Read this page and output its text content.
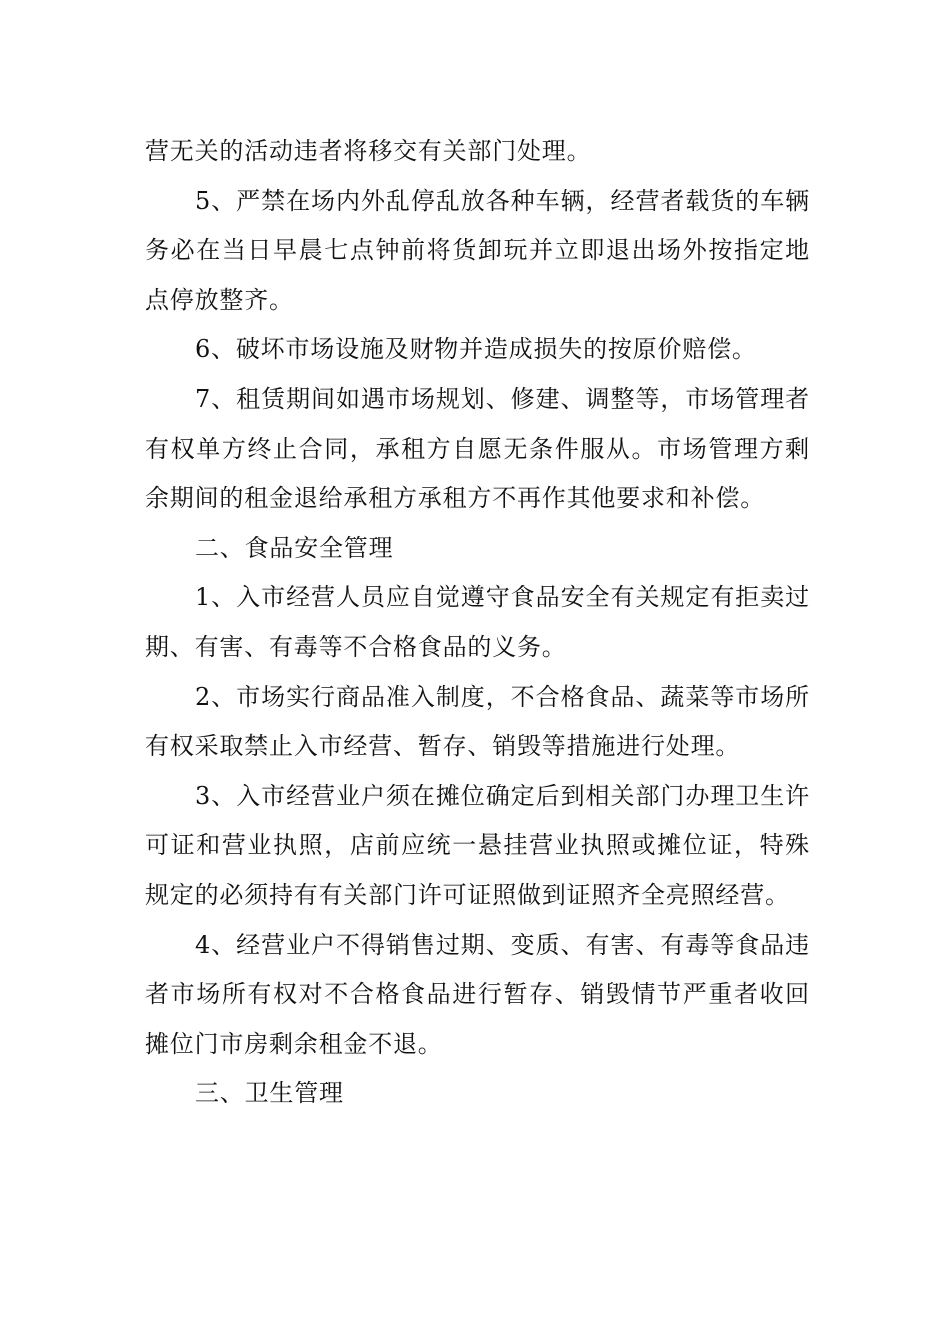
营无关的活动违者将移交有关部门处理。

5、严禁在场内外乱停乱放各种车辆，经营者载货的车辆务必在当日早晨七点钟前将货卸玩并立即退出场外按指定地点停放整齐。

6、破坏市场设施及财物并造成损失的按原价赔偿。

7、租赁期间如遇市场规划、修建、调整等，市场管理者有权单方终止合同，承租方自愿无条件服从。市场管理方剩余期间的租金退给承租方承租方不再作其他要求和补偿。

二、食品安全管理

1、入市经营人员应自觉遵守食品安全有关规定有拒卖过期、有害、有毒等不合格食品的义务。

2、市场实行商品准入制度，不合格食品、蔬菜等市场所有权采取禁止入市经营、暂存、销毁等措施进行处理。

3、入市经营业户须在摊位确定后到相关部门办理卫生许可证和营业执照，店前应统一悬挂营业执照或摊位证，特殊规定的必须持有有关部门许可证照做到证照齐全亮照经营。

4、经营业户不得销售过期、变质、有害、有毒等食品违者市场所有权对不合格食品进行暂存、销毁情节严重者收回摊位门市房剩余租金不退。

三、卫生管理
